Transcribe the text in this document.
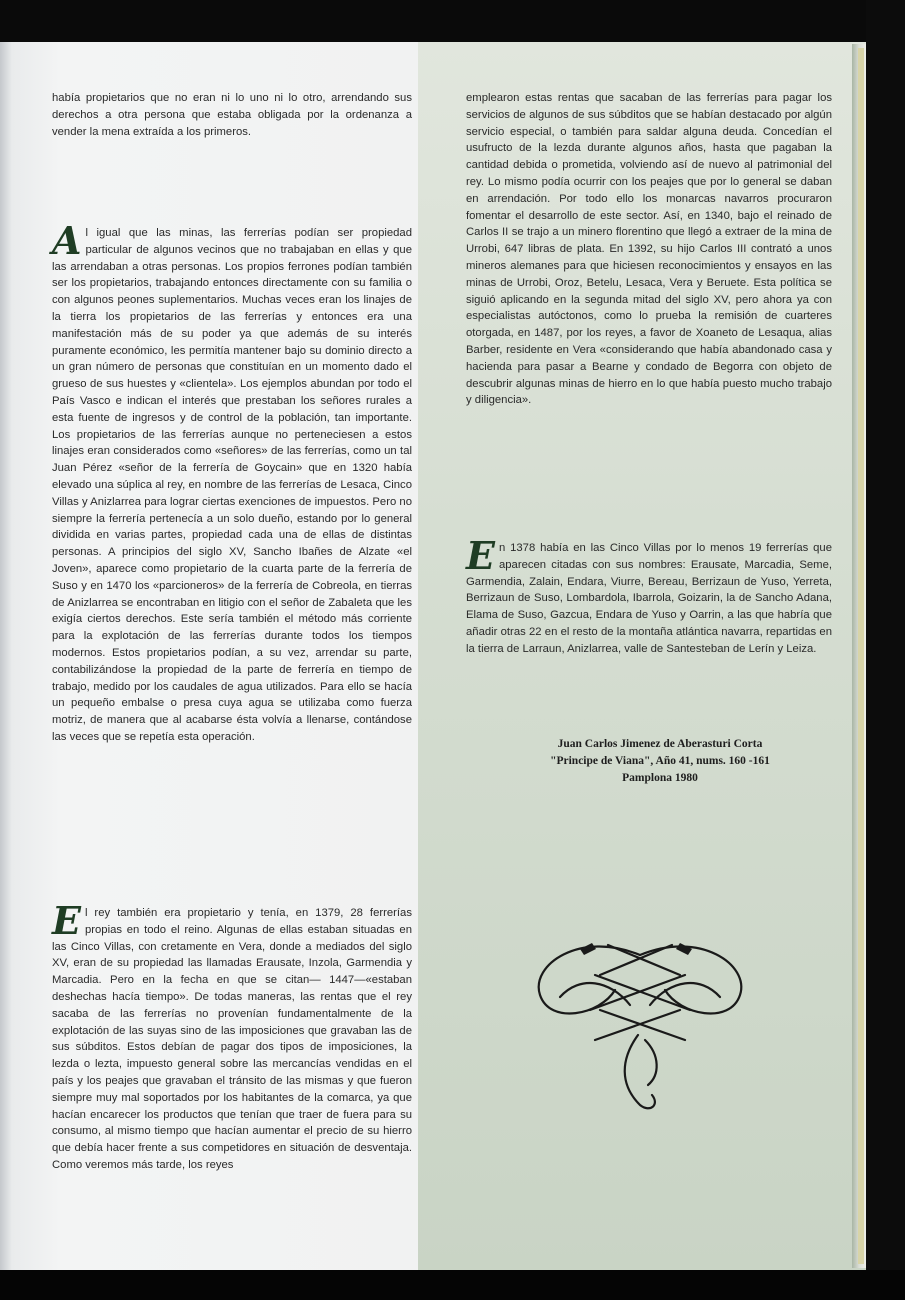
había propietarios que no eran ni lo uno ni lo otro, arrendando sus derechos a otra persona que estaba obligada por la ordenanza a vender la mena extraída a los primeros.

Al igual que las minas, las ferrerías podían ser propiedad particular de algunos vecinos que no trabajaban en ellas y que las arrendaban a otras personas. Los propios ferrones podían también ser los propietarios, trabajando entonces directamente con su familia o con algunos peones suplementarios. Muchas veces eran los linajes de la tierra los propietarios de las ferrerías y entonces era una manifestación más de su poder ya que además de su interés puramente económico, les permitía mantener bajo su dominio directo a un gran número de personas que constituían en un momento dado el grueso de sus huestes y «clientela». Los ejemplos abundan por todo el País Vasco e indican el interés que prestaban los señores rurales a esta fuente de ingresos y de control de la población, tan importante. Los propietarios de las ferrerías aunque no perteneciesen a estos linajes eran considerados como «señores» de las ferrerías, como un tal Juan Pérez «señor de la ferrería de Goycain» que en 1320 había elevado una súplica al rey, en nombre de las ferrerías de Lesaca, Cinco Villas y Anizlarrea para lograr ciertas exenciones de impuestos. Pero no siempre la ferrería pertenecía a un solo dueño, estando por lo general dividida en varias partes, propiedad cada una de ellas de distintas personas. A principios del siglo XV, Sancho Ibañes de Alzate «el Joven», aparece como propietario de la cuarta parte de la ferrería de Suso y en 1470 los «parcioneros» de la ferrería de Cobreola, en tierras de Anizlarrea se encontraban en litigio con el señor de Zabaleta que les exigía ciertos derechos. Este sería también el método más corriente para la explotación de las ferrerías durante todos los tiempos modernos. Estos propietarios podían, a su vez, arrendar su parte, contabilizándose la propiedad de la parte de ferrería en tiempo de trabajo, medido por los caudales de agua utilizados. Para ello se hacía un pequeño embalse o presa cuya agua se utilizaba como fuerza motriz, de manera que al acabarse ésta volvía a llenarse, contándose las veces que se repetía esta operación.

El rey también era propietario y tenía, en 1379, 28 ferrerías propias en todo el reino. Algunas de ellas estaban situadas en las Cinco Villas, con cretamente en Vera, donde a mediados del siglo XV, eran de su propiedad las llamadas Erausate, Inzola, Garmendia y Marcadia. Pero en la fecha en que se citan— 1447—«estaban deshechas hacía tiempo». De todas maneras, las rentas que el rey sacaba de las ferrerías no provenían fundamentalmente de la explotación de las suyas sino de las imposiciones que gravaban las de sus súbditos. Estos debían de pagar dos tipos de imposiciones, la lezda o lezta, impuesto general sobre las mercancías vendidas en el país y los peajes que gravaban el tránsito de las mismas y que fueron siempre muy mal soportados por los habitantes de la comarca, ya que hacían encarecer los productos que tenían que traer de fuera para su consumo, al mismo tiempo que hacían aumentar el precio de su hierro que debía hacer frente a sus competidores en situación de desventaja. Como veremos más tarde, los reyes

emplearon estas rentas que sacaban de las ferrerías para pagar los servicios de algunos de sus súbditos que se habían destacado por algún servicio especial, o también para saldar alguna deuda. Concedían el usufructo de la lezda durante algunos años, hasta que pagaban la cantidad debida o prometida, volviendo así de nuevo al patrimonial del rey. Lo mismo podía ocurrir con los peajes que por lo general se daban en arrendación. Por todo ello los monarcas navarros procuraron fomentar el desarrollo de este sector. Así, en 1340, bajo el reinado de Carlos II se trajo a un minero florentino que llegó a extraer de la mina de Urrobi, 647 libras de plata. En 1392, su hijo Carlos III contrató a unos mineros alemanes para que hiciesen reconocimientos y ensayos en las minas de Urrobi, Oroz, Betelu, Lesaca, Vera y Beruete. Esta política se siguió aplicando en la segunda mitad del siglo XV, pero ahora ya con especialistas autóctonos, como lo prueba la remisión de cuarteres otorgada, en 1487, por los reyes, a favor de Xoaneto de Lesaqua, alias Barber, residente en Vera «considerando que había abandonado casa y hacienda para pasar a Bearne y condado de Begorra con objeto de descubrir algunas minas de hierro en lo que había puesto mucho trabajo y diligencia».

En 1378 había en las Cinco Villas por lo menos 19 ferrerías que aparecen citadas con sus nombres: Erausate, Marcadia, Seme, Garmendia, Zalain, Endara, Viurre, Bereau, Berrizaun de Yuso, Yerreta, Berrizaun de Suso, Lombardola, Ibarrola, Goizarin, la de Sancho Adana, Elama de Suso, Gazcua, Endara de Yuso y Oarrin, a las que habría que añadir otras 22 en el resto de la montaña atlántica navarra, repartidas en la tierra de Larraun, Anizlarrea, valle de Santesteban de Lerín y Leiza.

Juan Carlos Jimenez de Aberasturi Corta
"Principe de Viana", Año 41, nums. 160 -161
Pamplona 1980
